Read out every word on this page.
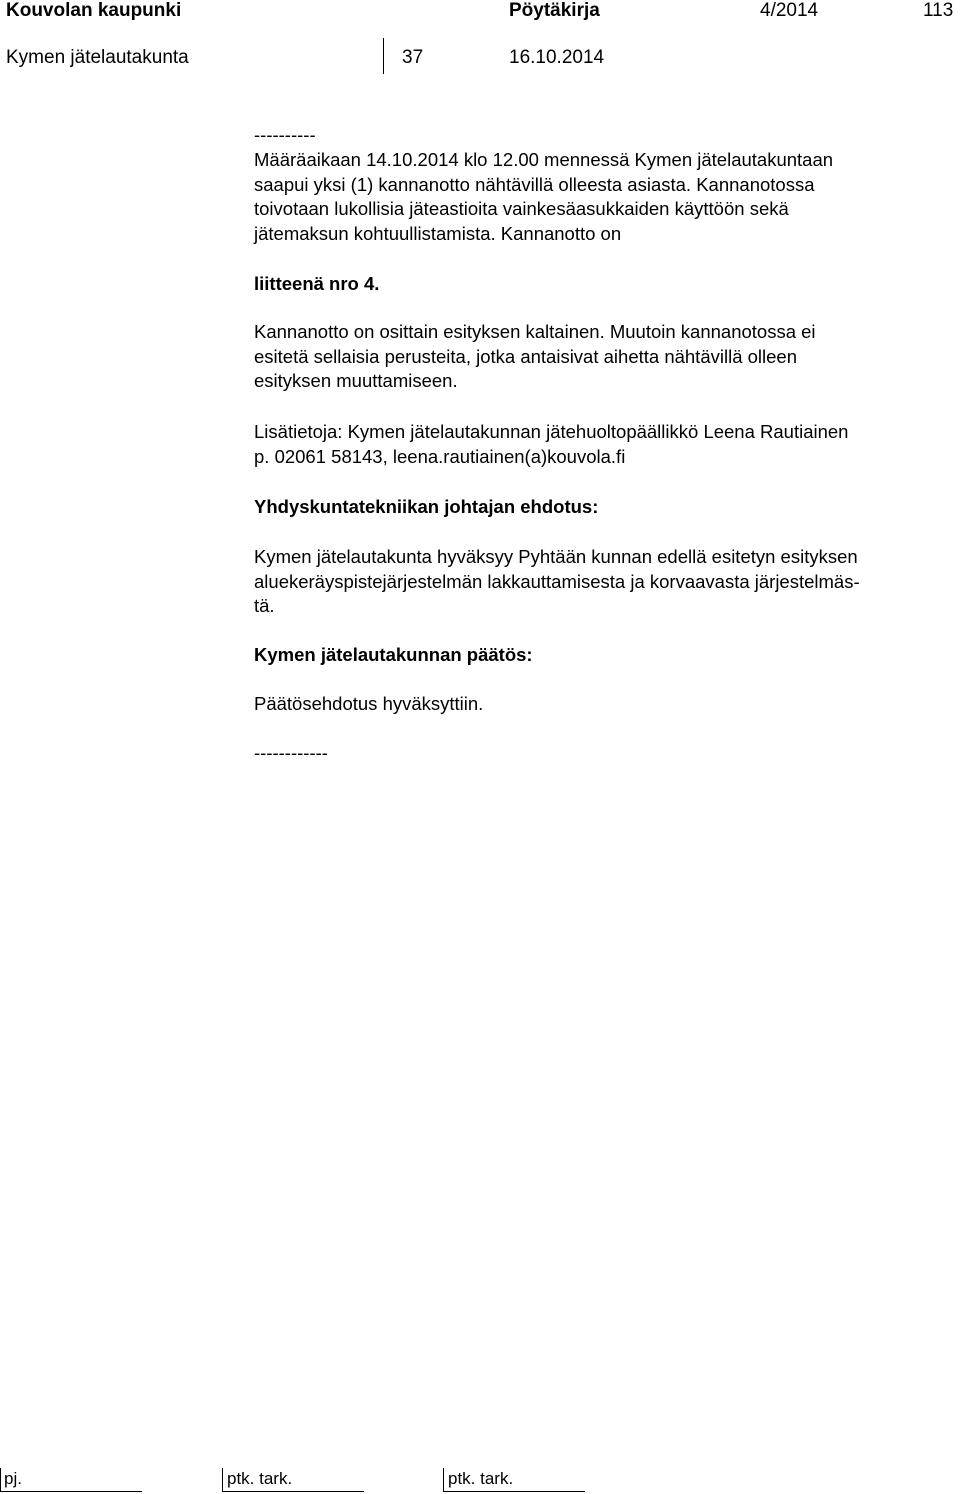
Kouvolan kaupunki	Pöytäkirja	4/2014	113
Kymen jätelautakunta	37	16.10.2014
----------
Määräaikaan 14.10.2014 klo 12.00 mennessä Kymen jätelautakuntaan
saapui yksi (1) kannanotto nähtävillä olleesta asiasta. Kannanotossa
toivotaan lukollisia jäteastioita vainkesäasukkaiden käyttöön sekä
jätemaksun kohtuullistamista. Kannanotto on
liitteenä nro 4.
Kannanotto on osittain esityksen kaltainen. Muutoin kannanotossa ei
esitetä sellaisia perusteita, jotka antaisivat aihetta nähtävillä olleen
esityksen muuttamiseen.
Lisätietoja: Kymen jätelautakunnan jätehuoltopäällikkö Leena Rautiainen
p. 02061 58143, leena.rautiainen(a)kouvola.fi
Yhdyskuntatekniikan johtajan ehdotus:
Kymen jätelautakunta hyväksyy Pyhtään kunnan edellä esitetyn esityksen
aluekeräyspistejärjestelmän lakkauttamisesta ja korvaavasta järjestelmäs-
tä.
Kymen jätelautakunnan päätös:
Päätösehdotus hyväksyttiin.
------------
pj.	ptk. tark.	ptk. tark.
